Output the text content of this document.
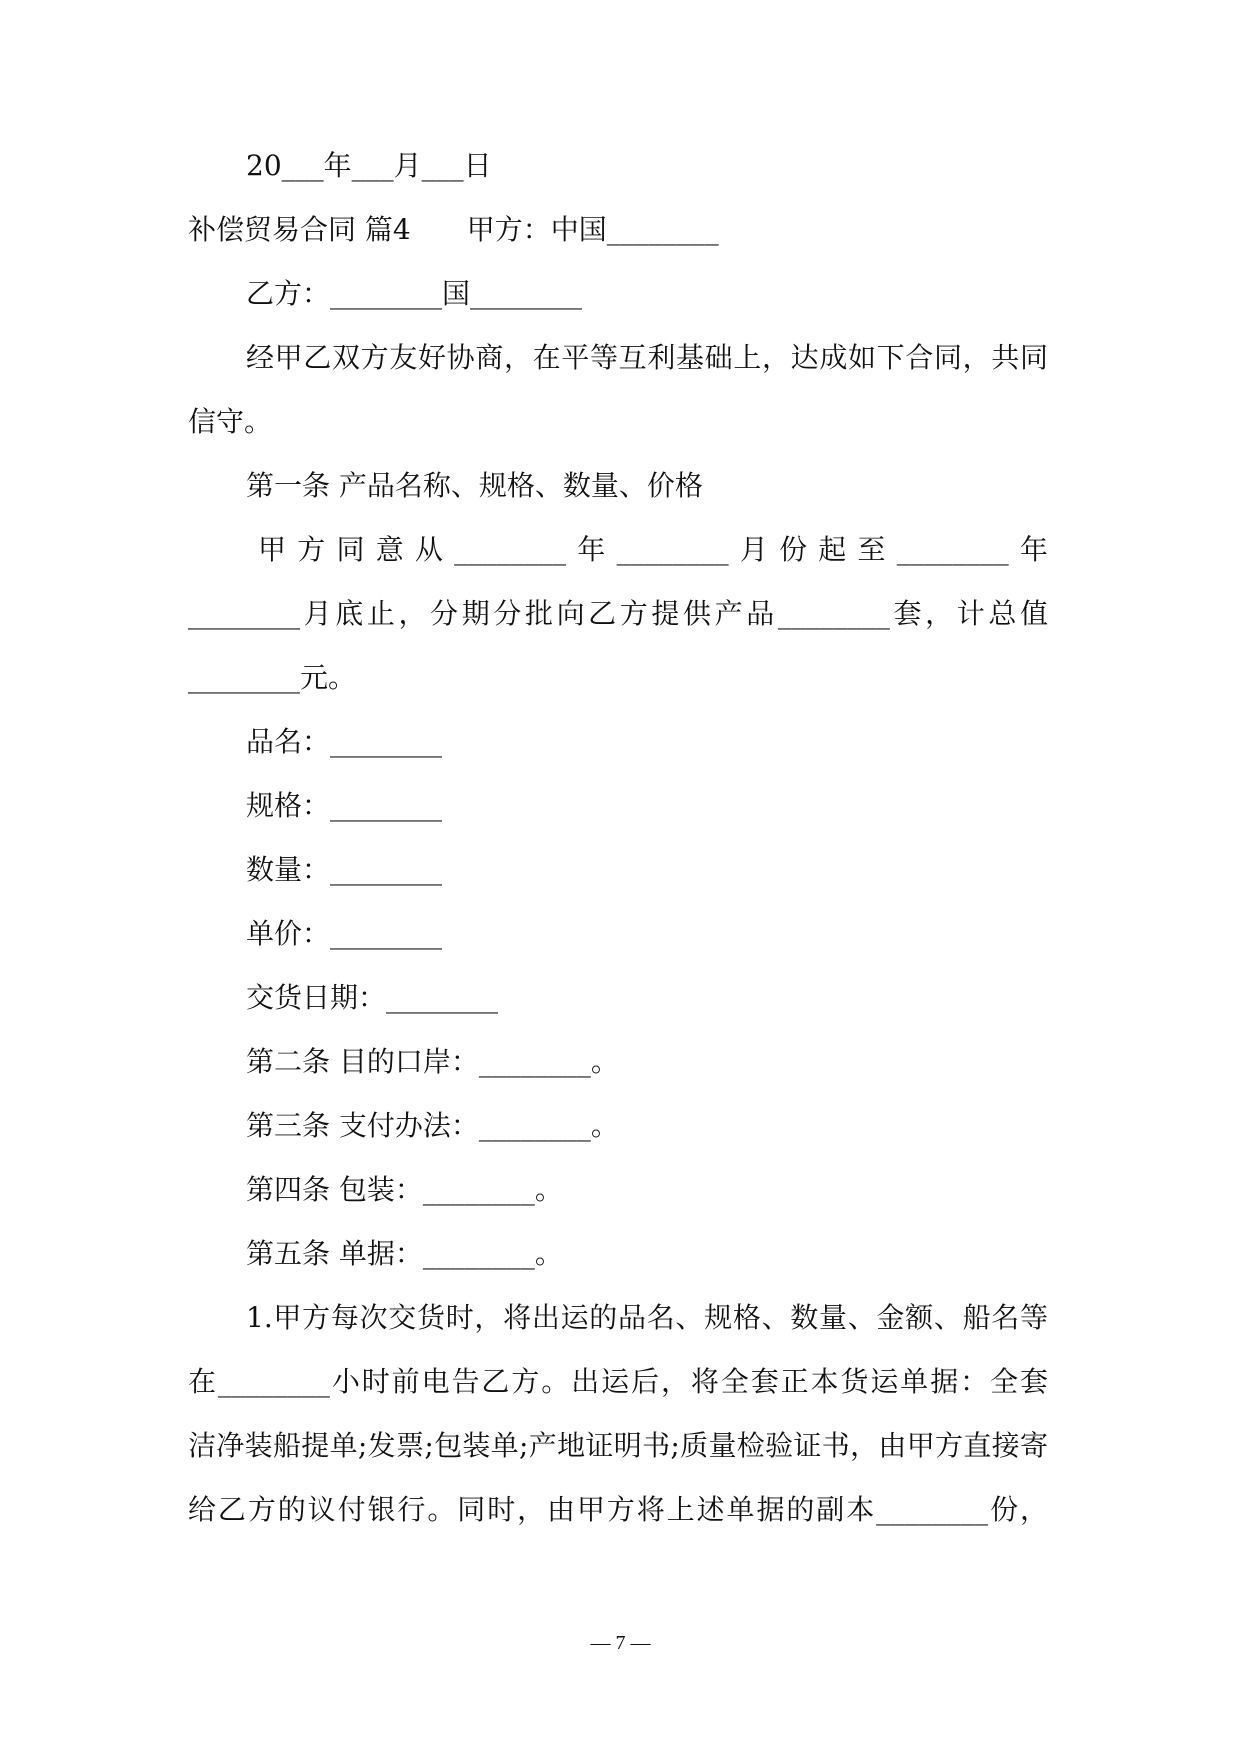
20___年___月___日
补偿贸易合同 篇4　　甲方：中国________
乙方：________国________
经甲乙双方友好协商，在平等互利基础上，达成如下合同，共同
信守。
第一条 产品名称、规格、数量、价格
甲方同意从________年________月份起至________年
________月底止，分期分批向乙方提供产品________套，计总值
________元。
品名：________
规格：________
数量：________
单价：________
交货日期：________
第二条 目的口岸：________。
第三条 支付办法：________。
第四条 包装：________。
第五条 单据：________。
1.甲方每次交货时，将出运的品名、规格、数量、金额、船名等
在________小时前电告乙方。出运后，将全套正本货运单据：全套
洁净装船提单;发票;包装单;产地证明书;质量检验证书，由甲方直接寄
给乙方的议付银行。同时，由甲方将上述单据的副本________份，
— 7 —
